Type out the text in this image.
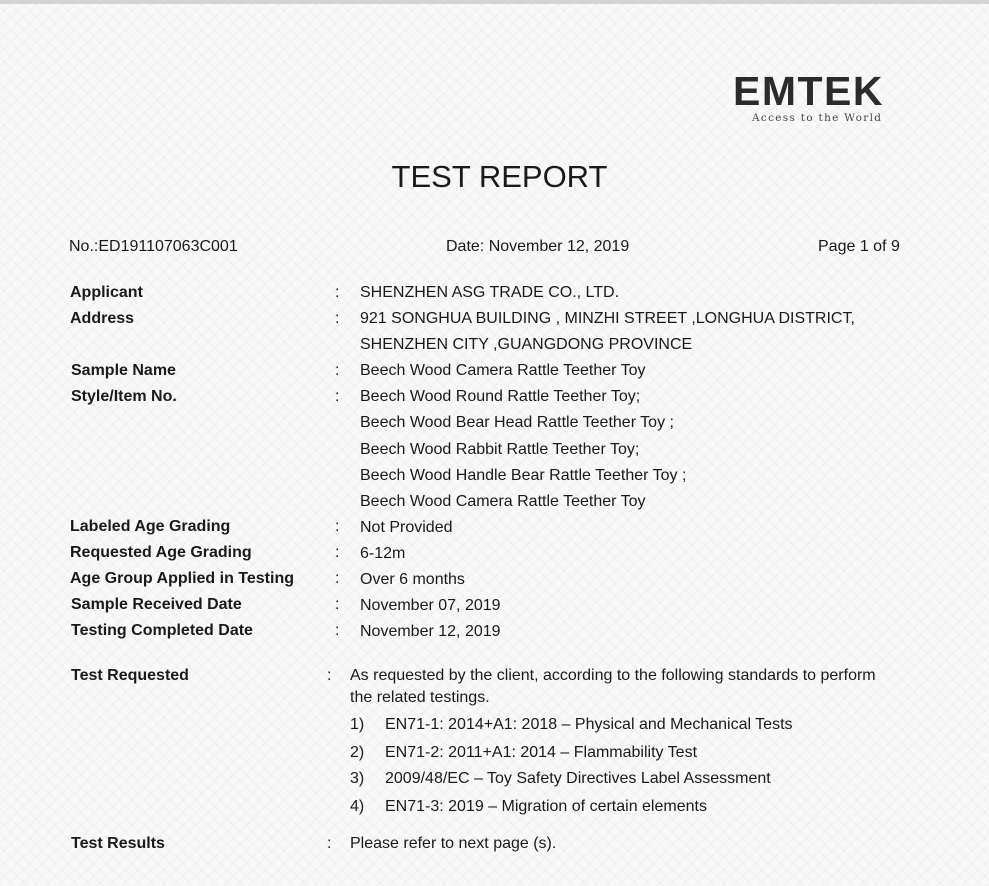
EMTEK
Access to the World
TEST REPORT
No.:ED191107063C001	Date: November 12, 2019	Page 1 of 9
Applicant	: SHENZHEN ASG TRADE CO., LTD.
Address	: 921 SONGHUA BUILDING , MINZHI STREET ,LONGHUA DISTRICT,
SHENZHEN CITY ,GUANGDONG PROVINCE
Sample Name	: Beech Wood Camera Rattle Teether Toy
Style/Item No.	: Beech Wood Round Rattle Teether Toy;
Beech Wood Bear Head Rattle Teether Toy ;
Beech Wood Rabbit Rattle Teether Toy;
Beech Wood Handle Bear Rattle Teether Toy ;
Beech Wood Camera Rattle Teether Toy
Labeled Age Grading	: Not Provided
Requested Age Grading	: 6-12m
Age Group Applied in Testing	: Over 6 months
Sample Received Date	: November 07, 2019
Testing Completed Date	: November 12, 2019
Test Requested	: As requested by the client, according to the following standards to perform
the related testings.
1) EN71-1: 2014+A1: 2018 – Physical and Mechanical Tests
2) EN71-2: 2011+A1: 2014 – Flammability Test
3) 2009/48/EC – Toy Safety Directives Label Assessment
4) EN71-3: 2019 – Migration of certain elements
Test Results	: Please refer to next page (s).
